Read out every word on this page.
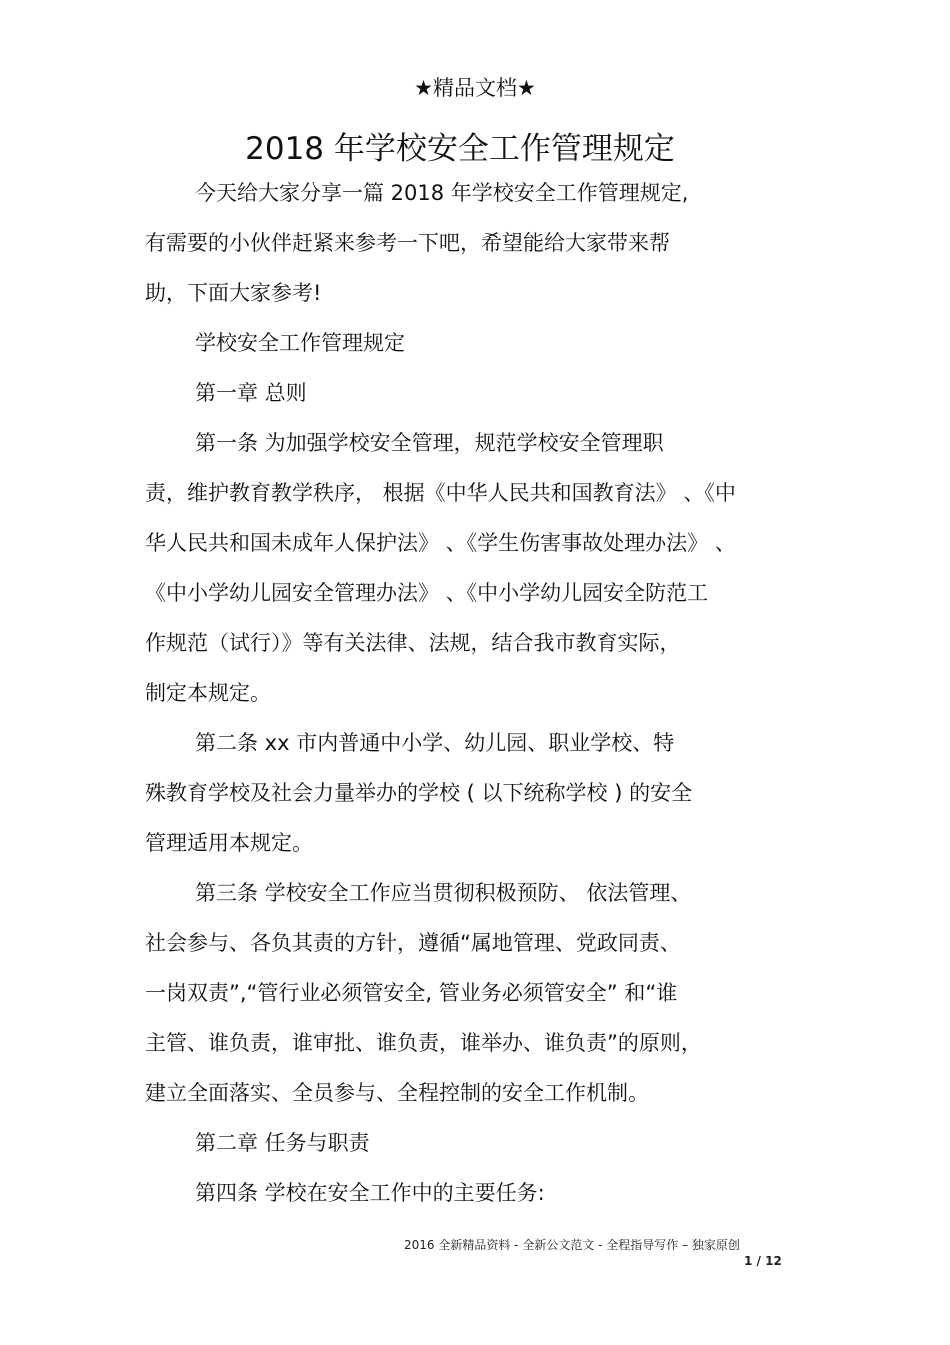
★精品文档★
2018 年学校安全工作管理规定
今天给大家分享一篇 2018 年学校安全工作管理规定,
有需要的小伙伴赶紧来参考一下吧，希望能给大家带来帮
助，下面大家参考!
学校安全工作管理规定
第一章 总则
第一条 为加强学校安全管理，规范学校安全管理职
责，维护教育教学秩序， 根据《中华人民共和国教育法》 、《中
华人民共和国未成年人保护法》 、《学生伤害事故处理办法》 、
《中小学幼儿园安全管理办法》 、《中小学幼儿园安全防范工
作规范（试行）》等有关法律、法规，结合我市教育实际，
制定本规定。
第二条 xx 市内普通中小学、幼儿园、职业学校、特
殊教育学校及社会力量举办的学校 ( 以下统称学校 ) 的安全
管理适用本规定。
第三条 学校安全工作应当贯彻积极预防、 依法管理、
社会参与、各负其责的方针，遵循“属地管理、党政同责、
一岗双责”,“管行业必须管安全, 管业务必须管安全” 和“谁
主管、谁负责，谁审批、谁负责，谁举办、谁负责”的原则，
建立全面落实、全员参与、全程控制的安全工作机制。
第二章 任务与职责
第四条 学校在安全工作中的主要任务:
2016 全新精品资料 - 全新公文范文 - 全程指导写作 – 独家原创
1 / 12
